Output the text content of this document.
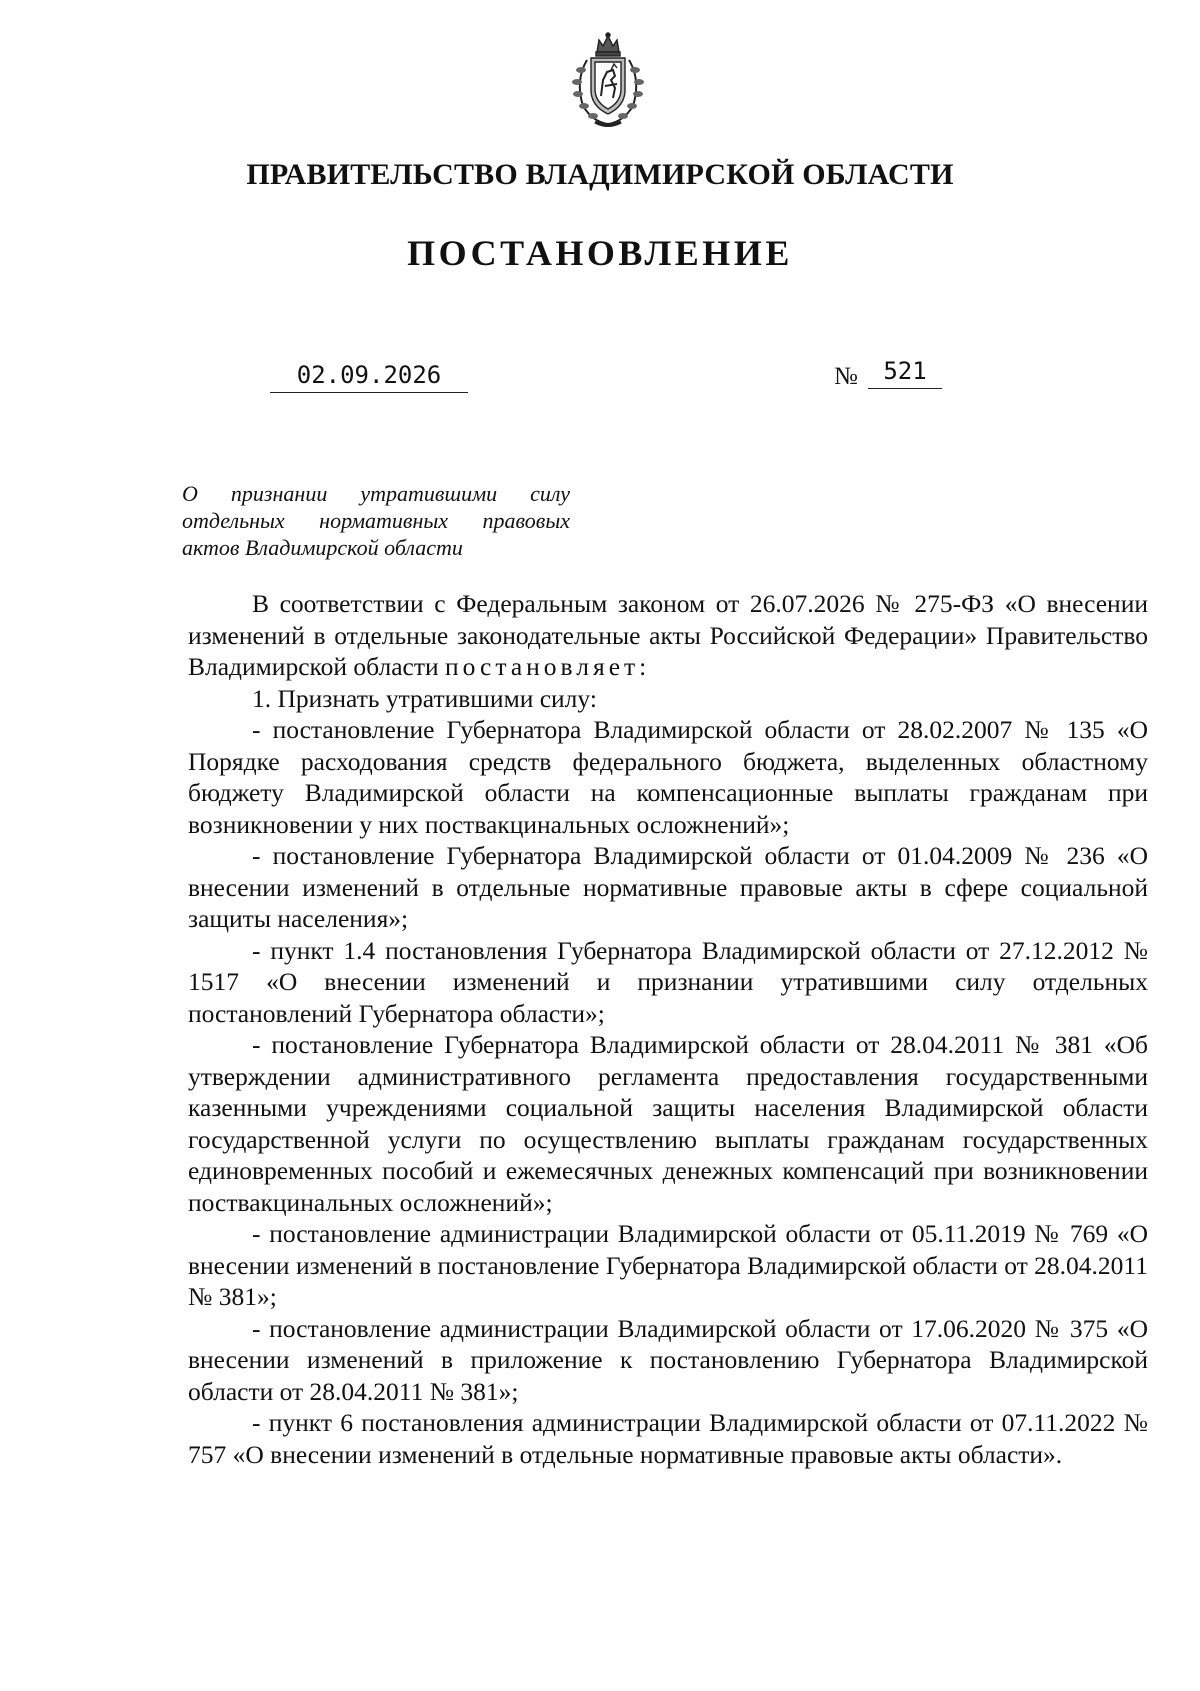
ПРАВИТЕЛЬСТВО ВЛАДИМИРСКОЙ ОБЛАСТИ
ПОСТАНОВЛЕНИЕ
02.09.2026	№	521
О признании утратившими силу отдельных нормативных правовых актов Владимирской области

В соответствии с Федеральным законом от 26.07.2026 № 275-ФЗ «О внесении изменений в отдельные законодательные акты Российской Федерации» Правительство Владимирской области постановляет:

1. Признать утратившими силу:

- постановление Губернатора Владимирской области от 28.02.2007 № 135 «О Порядке расходования средств федерального бюджета, выделенных областному бюджету Владимирской области на компенсационные выплаты гражданам при возникновении у них поствакцинальных осложнений»;

- постановление Губернатора Владимирской области от 01.04.2009 № 236 «О внесении изменений в отдельные нормативные правовые акты в сфере социальной защиты населения»;

- пункт 1.4 постановления Губернатора Владимирской области от 27.12.2012 № 1517 «О внесении изменений и признании утратившими силу отдельных постановлений Губернатора области»;

- постановление Губернатора Владимирской области от 28.04.2011 № 381 «Об утверждении административного регламента предоставления государственными казенными учреждениями социальной защиты населения Владимирской области государственной услуги по осуществлению выплаты гражданам государственных единовременных пособий и ежемесячных денежных компенсаций при возникновении поствакцинальных осложнений»;

- постановление администрации Владимирской области от 05.11.2019 № 769 «О внесении изменений в постановление Губернатора Владимирской области от 28.04.2011 № 381»;

- постановление администрации Владимирской области от 17.06.2020 № 375 «О внесении изменений в приложение к постановлению Губернатора Владимирской области от 28.04.2011 № 381»;

- пункт 6 постановления администрации Владимирской области от 07.11.2022 № 757 «О внесении изменений в отдельные нормативные правовые акты области».
